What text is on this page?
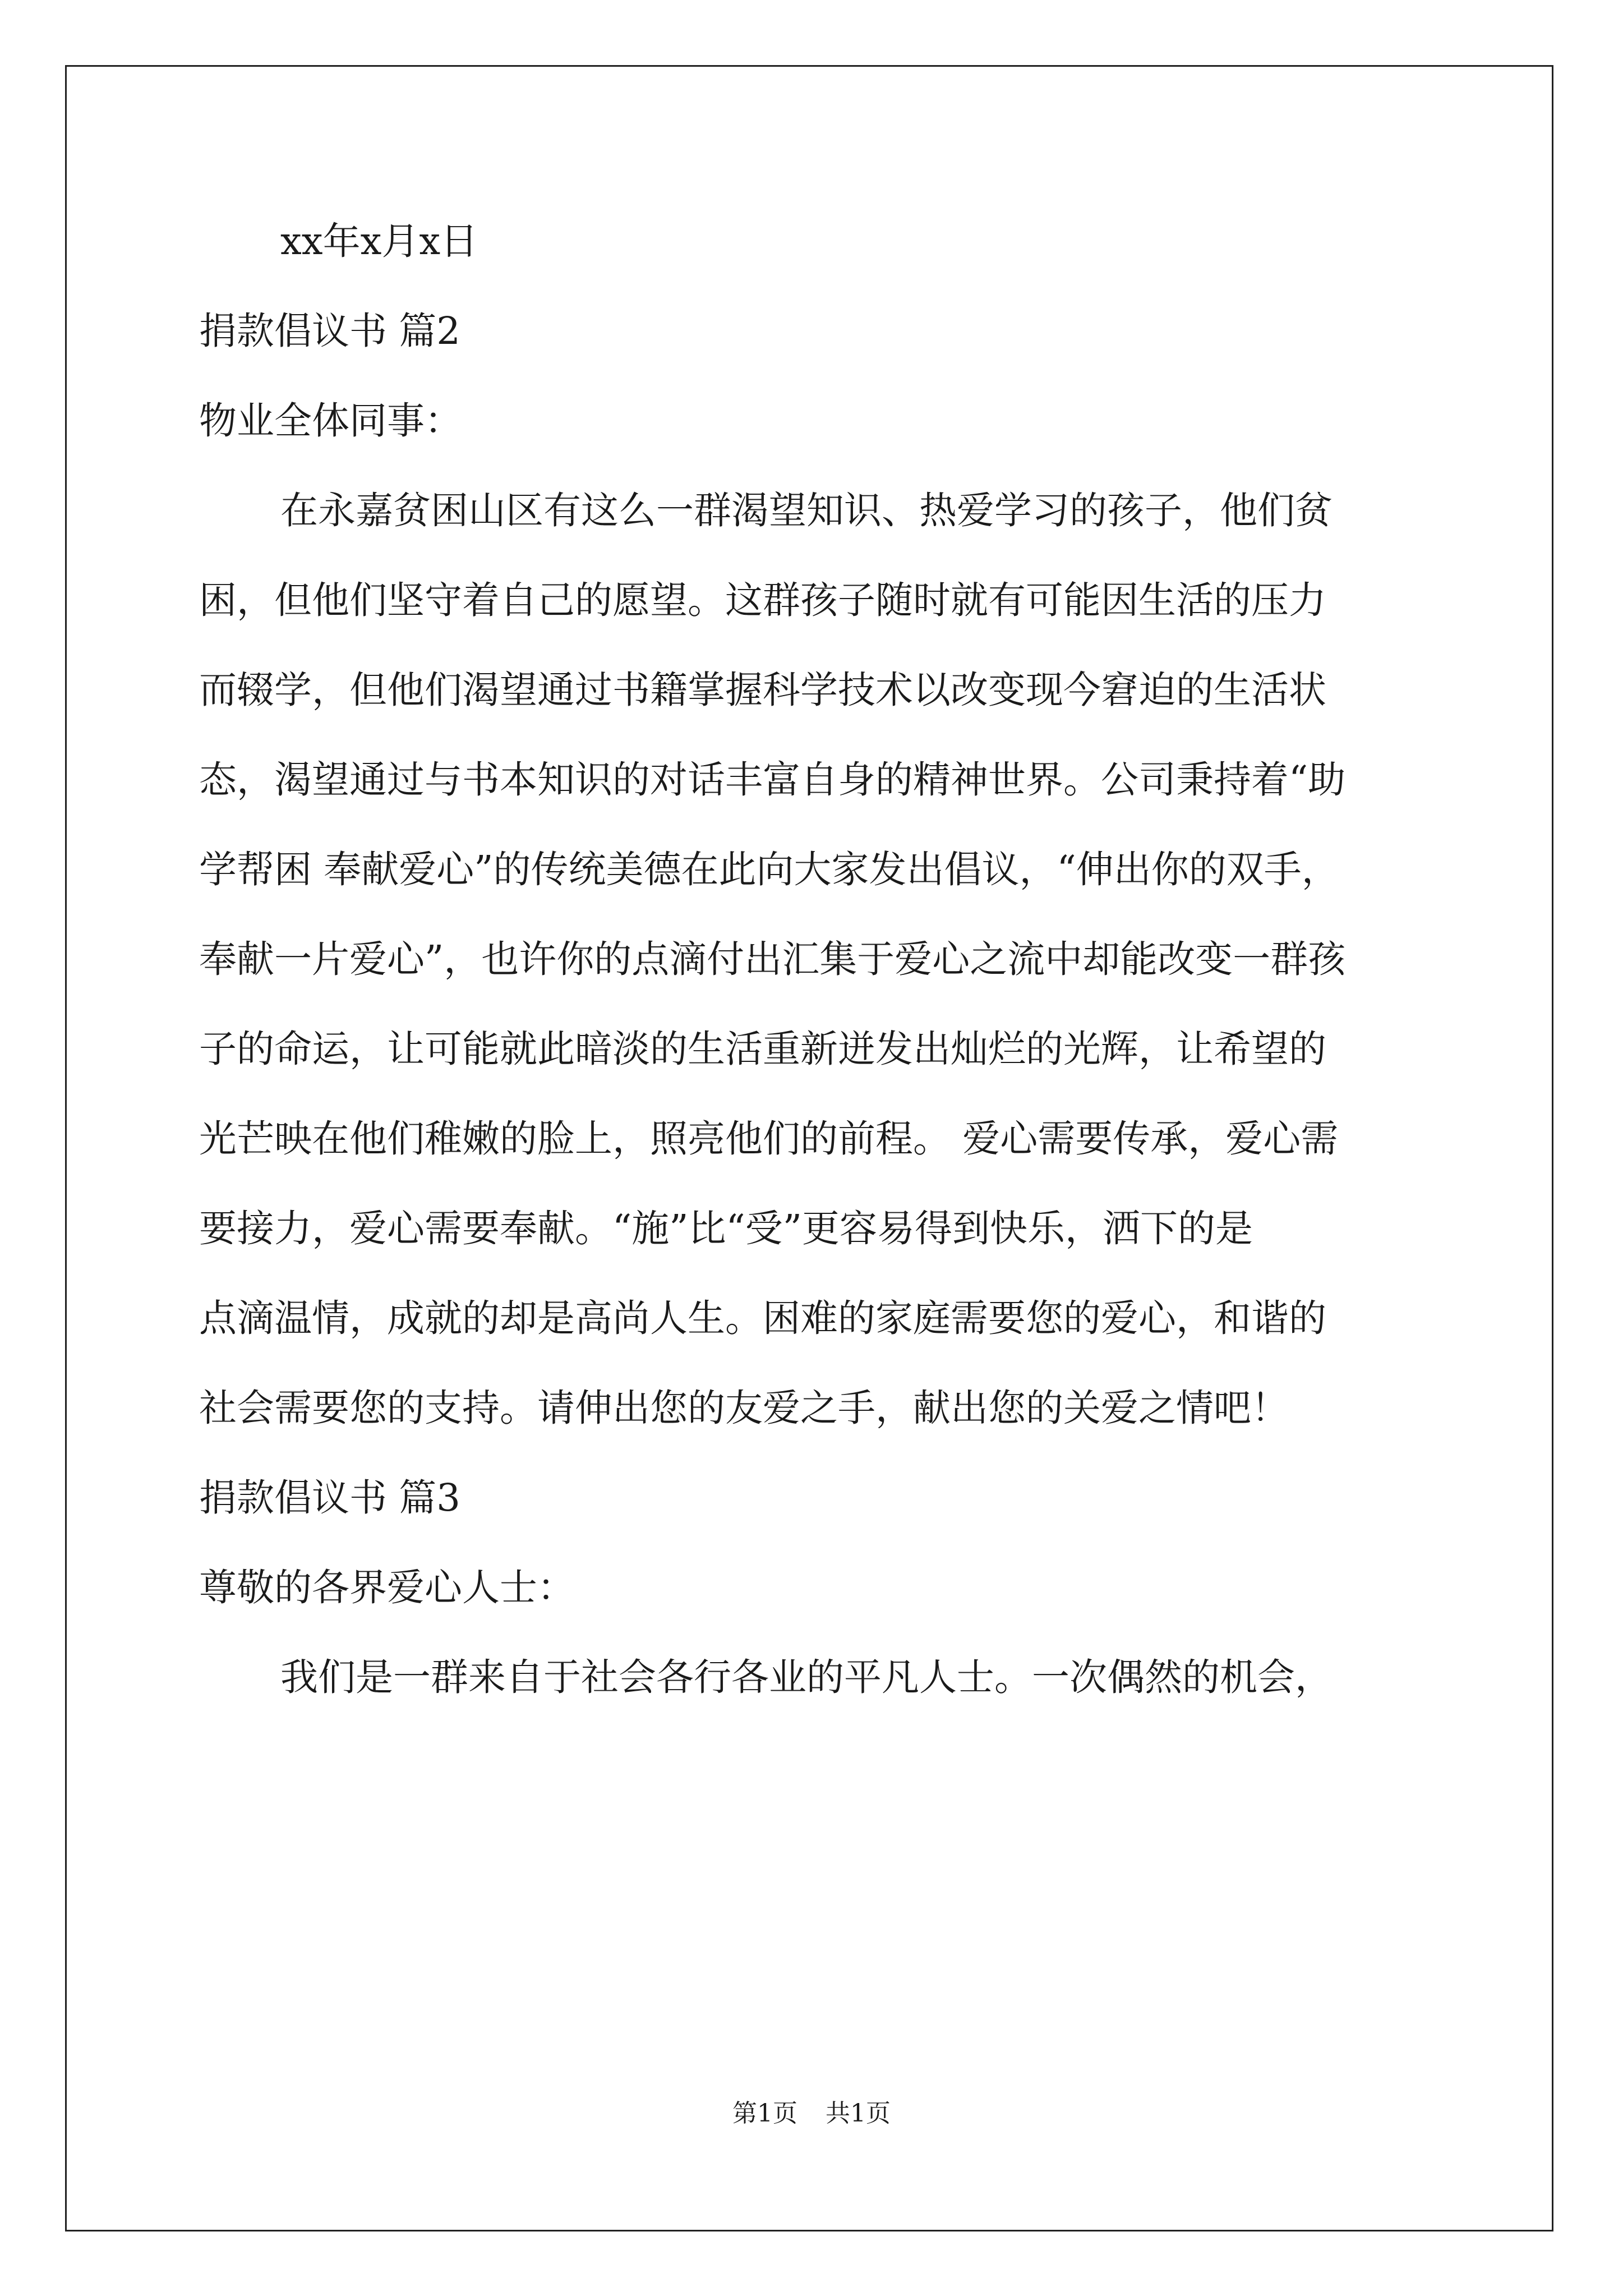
xx年x月x日
捐款倡议书 篇2
物业全体同事：
在永嘉贫困山区有这么一群渴望知识、热爱学习的孩子，他们贫
困，但他们坚守着自己的愿望。这群孩子随时就有可能因生活的压力
而辍学，但他们渴望通过书籍掌握科学技术以改变现今窘迫的生活状
态，渴望通过与书本知识的对话丰富自身的精神世界。公司秉持着“助
学帮困 奉献爱心”的传统美德在此向大家发出倡议，“伸出你的双手，
奉献一片爱心”，也许你的点滴付出汇集于爱心之流中却能改变一群孩
子的命运，让可能就此暗淡的生活重新迸发出灿烂的光辉，让希望的
光芒映在他们稚嫩的脸上，照亮他们的前程。 爱心需要传承，爱心需
要接力，爱心需要奉献。“施”比“受”更容易得到快乐，洒下的是
点滴温情，成就的却是高尚人生。困难的家庭需要您的爱心，和谐的
社会需要您的支持。请伸出您的友爱之手，献出您的关爱之情吧！
捐款倡议书 篇3
尊敬的各界爱心人士：
我们是一群来自于社会各行各业的平凡人士。一次偶然的机会，
第1页 共1页
